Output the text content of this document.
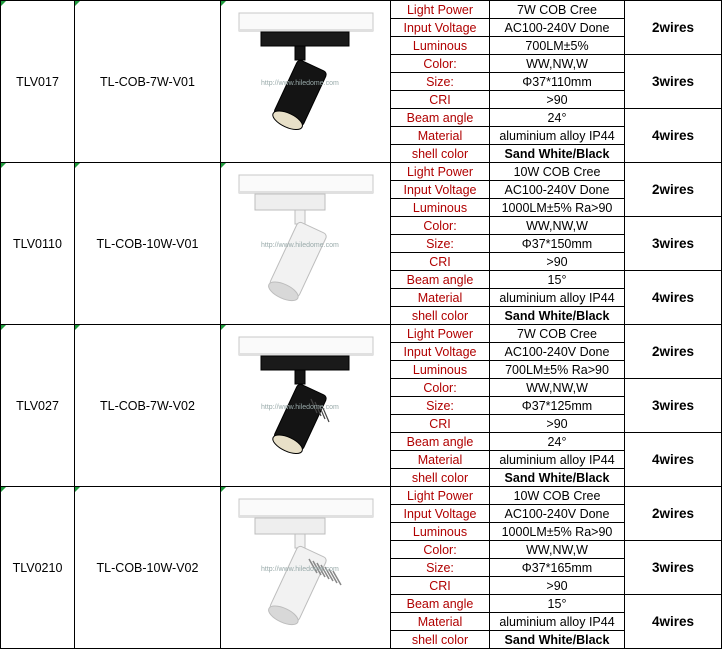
TLV017	TL-COB-7W-V01	http://www.hiledome.com	Light Power	7W COB Cree	2wires
			Input Voltage	AC100-240V Done	
			Luminous	700LM±5%	
			Color:	WW,NW,W	3wires
			Size:	Φ37*110mm	
			CRI	>90	
			Beam angle	24°	4wires
			Material	aluminium alloy IP44	
			shell color	Sand White/Black	
TLV0110	TL-COB-10W-V01	http://www.hiledome.com	Light Power	10W COB Cree	2wires
			Input Voltage	AC100-240V Done	
			Luminous	1000LM±5% Ra>90	
			Color:	WW,NW,W	3wires
			Size:	Φ37*150mm	
			CRI	>90	
			Beam angle	15°	4wires
			Material	aluminium alloy IP44	
			shell color	Sand White/Black	
TLV027	TL-COB-7W-V02	http://www.hiledome.com	Light Power	7W COB Cree	2wires
			Input Voltage	AC100-240V Done	
			Luminous	700LM±5% Ra>90	
			Color:	WW,NW,W	3wires
			Size:	Φ37*125mm	
			CRI	>90	
			Beam angle	24°	4wires
			Material	aluminium alloy IP44	
			shell color	Sand White/Black	
TLV0210	TL-COB-10W-V02	http://www.hiledome.com	Light Power	10W COB Cree	2wires
			Input Voltage	AC100-240V Done	
			Luminous	1000LM±5% Ra>90	
			Color:	WW,NW,W	3wires
			Size:	Φ37*165mm	
			CRI	>90	
			Beam angle	15°	4wires
			Material	aluminium alloy IP44	
			shell color	Sand White/Black	
